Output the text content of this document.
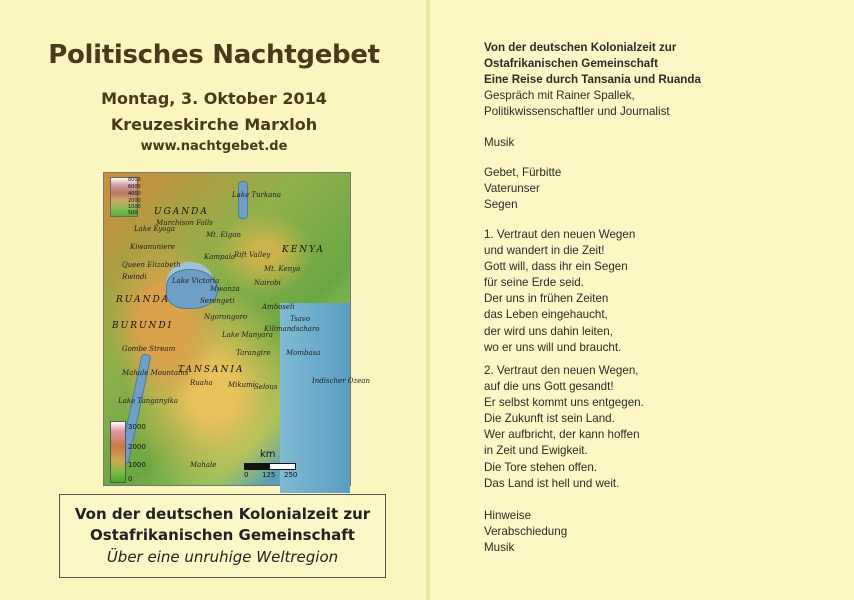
Politisches Nachtgebet
Montag, 3. Oktober 2014
Kreuzeskirche Marxloh
www.nachtgebet.de
8000
6000
4000
2000
1000
500 UGANDA
KENYA
RUANDA
BURUNDI
TANSANIA
Lake Turkana
Murchison Falls
Lake Kyoga
Mt. Elgon
Kampala
Kiwanuniere
Queen Elizabeth
Rift Valley
Mt. Kenya
Nairobi
Lake Victoria
Rwindi
Mwanza
Serengeti
Amboseli
Ngorongoro	Tsavo
Kilimandscharo
Lake Manyara
Tarangire Mombasa
Gombe Stream
Mahale Mountains
Ruaha Mikumi
Selous
Lake Tanganyika
Indischer Ozean
Mahale
3000
2000
1000
0
km
0 125 250
Von der deutschen Kolonialzeit zur
Ostafrikanischen Gemeinschaft
Über eine unruhige Weltregion
Von der deutschen Kolonialzeit zur
Ostafrikanischen Gemeinschaft
Eine Reise durch Tansania und Ruanda
Gespräch mit Rainer Spallek,
Politikwissenschaftler und Journalist
Musik
Gebet, Fürbitte
Vaterunser
Segen
1. Vertraut den neuen Wegen
und wandert in die Zeit!
Gott will, dass ihr ein Segen
für seine Erde seid.
Der uns in frühen Zeiten
das Leben eingehaucht,
der wird uns dahin leiten,
wo er uns will und braucht.
2. Vertraut den neuen Wegen,
auf die uns Gott gesandt!
Er selbst kommt uns entgegen.
Die Zukunft ist sein Land.
Wer aufbricht, der kann hoffen
in Zeit und Ewigkeit.
Die Tore stehen offen.
Das Land ist hell und weit.
Hinweise
Verabschiedung
Musik
